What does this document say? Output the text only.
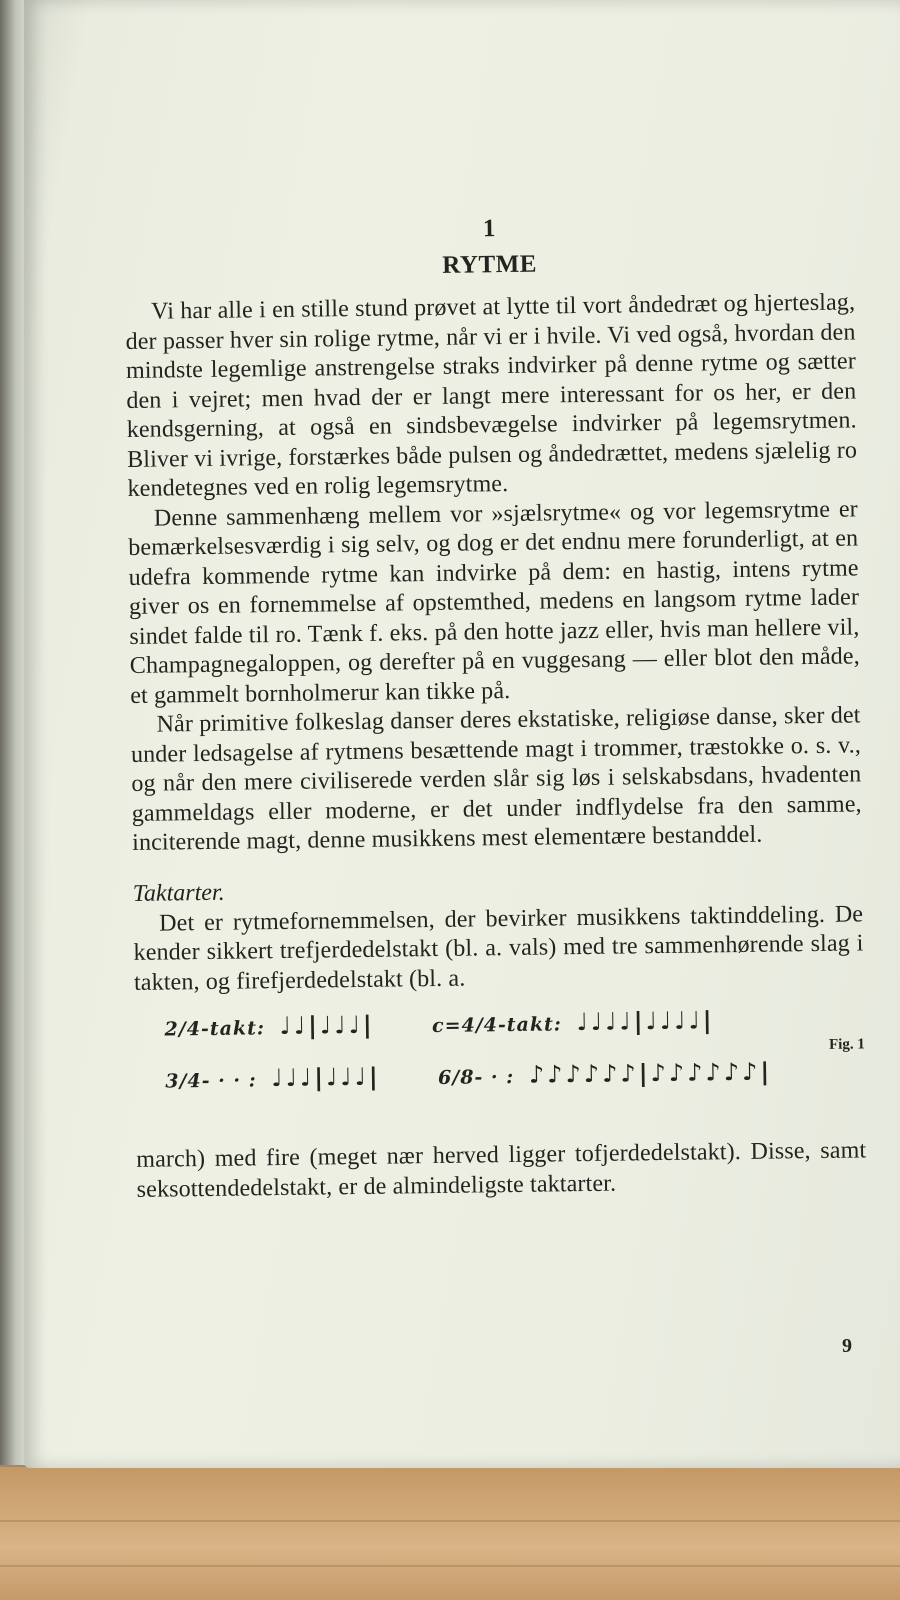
1
RYTME

Vi har alle i en stille stund prøvet at lytte til vort åndedræt og hjerteslag, der passer hver sin rolige rytme, når vi er i hvile. Vi ved også, hvordan den mindste legemlige anstrengelse straks indvirker på denne rytme og sætter den i vejret; men hvad der er langt mere interessant for os her, er den kendsgerning, at også en sindsbevægelse indvirker på legemsrytmen. Bliver vi ivrige, forstærkes både pulsen og åndedrættet, medens sjælelig ro kendetegnes ved en rolig legemsrytme.

Denne sammenhæng mellem vor »sjælsrytme« og vor legemsrytme er bemærkelsesværdig i sig selv, og dog er det endnu mere forunderligt, at en udefra kommende rytme kan indvirke på dem: en hastig, intens rytme giver os en fornemmelse af opstemthed, medens en langsom rytme lader sindet falde til ro. Tænk f. eks. på den hotte jazz eller, hvis man hellere vil, Champagnegaloppen, og derefter på en vuggesang — eller blot den måde, et gammelt bornholmerur kan tikke på.

Når primitive folkeslag danser deres ekstatiske, religiøse danse, sker det under ledsagelse af rytmens besættende magt i trommer, træstokke o. s. v., og når den mere civiliserede verden slår sig løs i selskabsdans, hvadenten gammeldags eller moderne, er det under indflydelse fra den samme, inciterende magt, denne musikkens mest elementære bestanddel.

Taktarter.

Det er rytmefornemmelsen, der bevirker musikkens taktinddeling. De kender sikkert trefjerdedelstakt (bl. a. vals) med tre sammenhørende slag i takten, og firefjerdedelstakt (bl. a.

2/4-takt: ♩♩|♩♩♩|	c=4/4-takt: ♩♩♩♩|♩♩♩♩|
3/4- · · : ♩♩♩|♩♩♩|	6/8- · : ♪♪♪♪♪♪|♪♪♪♪♪♪|
Fig. 1

march) med fire (meget nær herved ligger tofjerdedelstakt). Disse, samt seksottendedelstakt, er de almindeligste taktarter.

9
